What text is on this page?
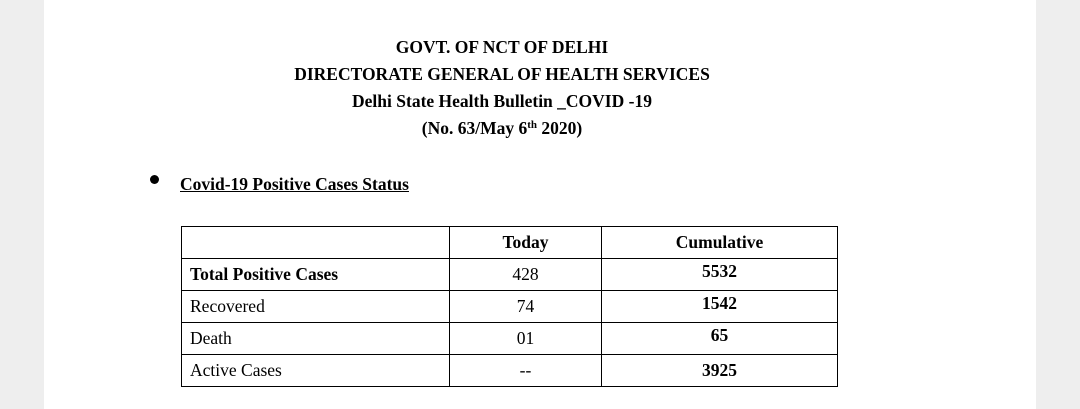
GOVT. OF NCT OF DELHI
DIRECTORATE GENERAL OF HEALTH SERVICES
Delhi State Health Bulletin _COVID -19
(No. 63/May 6th 2020)
Covid-19 Positive Cases Status
	Today	Cumulative
Total Positive Cases	428	5532
Recovered	74	1542
Death	01	65
Active Cases	--	3925
